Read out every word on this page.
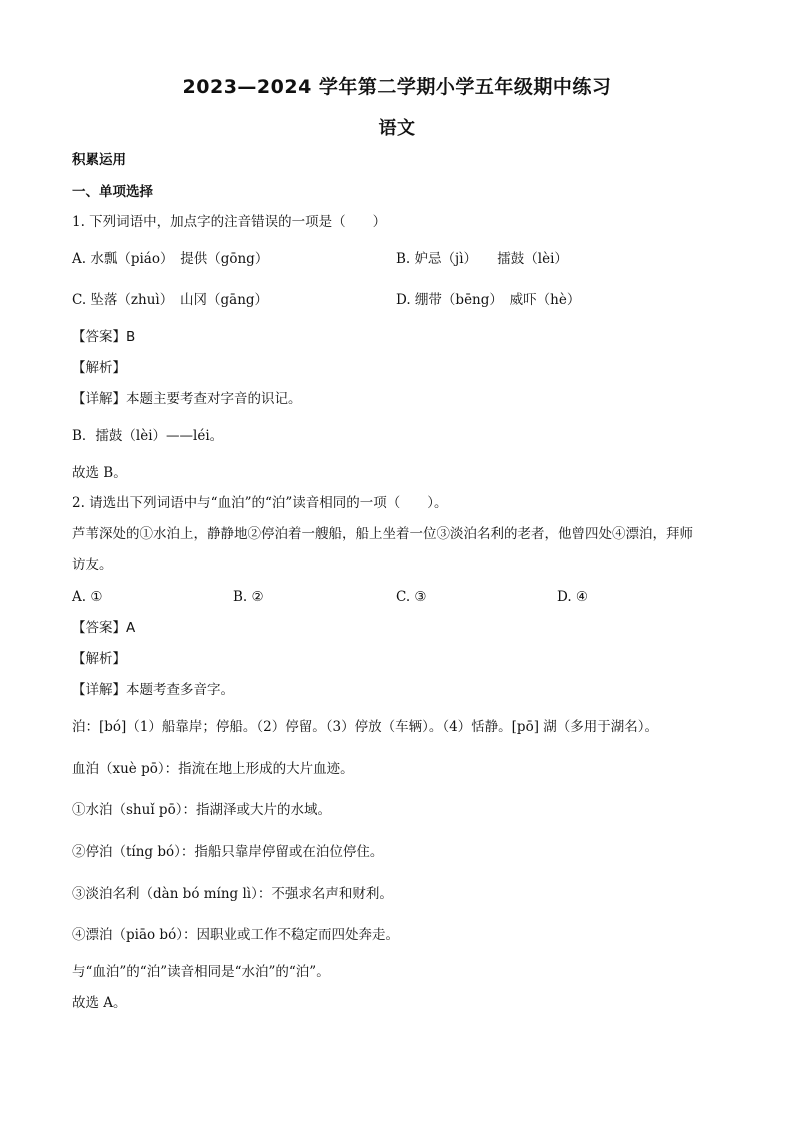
2023—2024 学年第二学期小学五年级期中练习
语文
积累运用
一、单项选择
1. 下列词语中，加点字的注音错误的一项是（　　）
A. 水瓢（piáo）　提供（gōng）	B. 妒忌（jì）　　擂鼓（lèi）
C. 坠落（zhuì）　山冈（gāng）	D. 绷带（bēng）　威吓（hè）
【答案】B
【解析】
【详解】本题主要考查对字音的识记。
B．擂鼓（lèi）——léi。
故选 B。
2. 请选出下列词语中与“血泊”的“泊”读音相同的一项（　　）。
芦苇深处的①水泊上，静静地②停泊着一艘船，船上坐着一位③淡泊名利的老者，他曾四处④漂泊，拜师
访友。
A. ①	B. ②	C. ③	D. ④
【答案】A
【解析】
【详解】本题考查多音字。
泊：[bó]（1）船靠岸；停船。（2）停留。（3）停放（车辆）。（4）恬静。[pō] 湖（多用于湖名）。
血泊（xuè pō）：指流在地上形成的大片血迹。
①水泊（shuǐ pō）：指湖泽或大片的水域。
②停泊（tíng bó）：指船只靠岸停留或在泊位停住。
③淡泊名利（dàn bó míng lì）：不强求名声和财利。
④漂泊（piāo bó）：因职业或工作不稳定而四处奔走。
与“血泊”的“泊”读音相同是“水泊”的“泊”。
故选 A。
